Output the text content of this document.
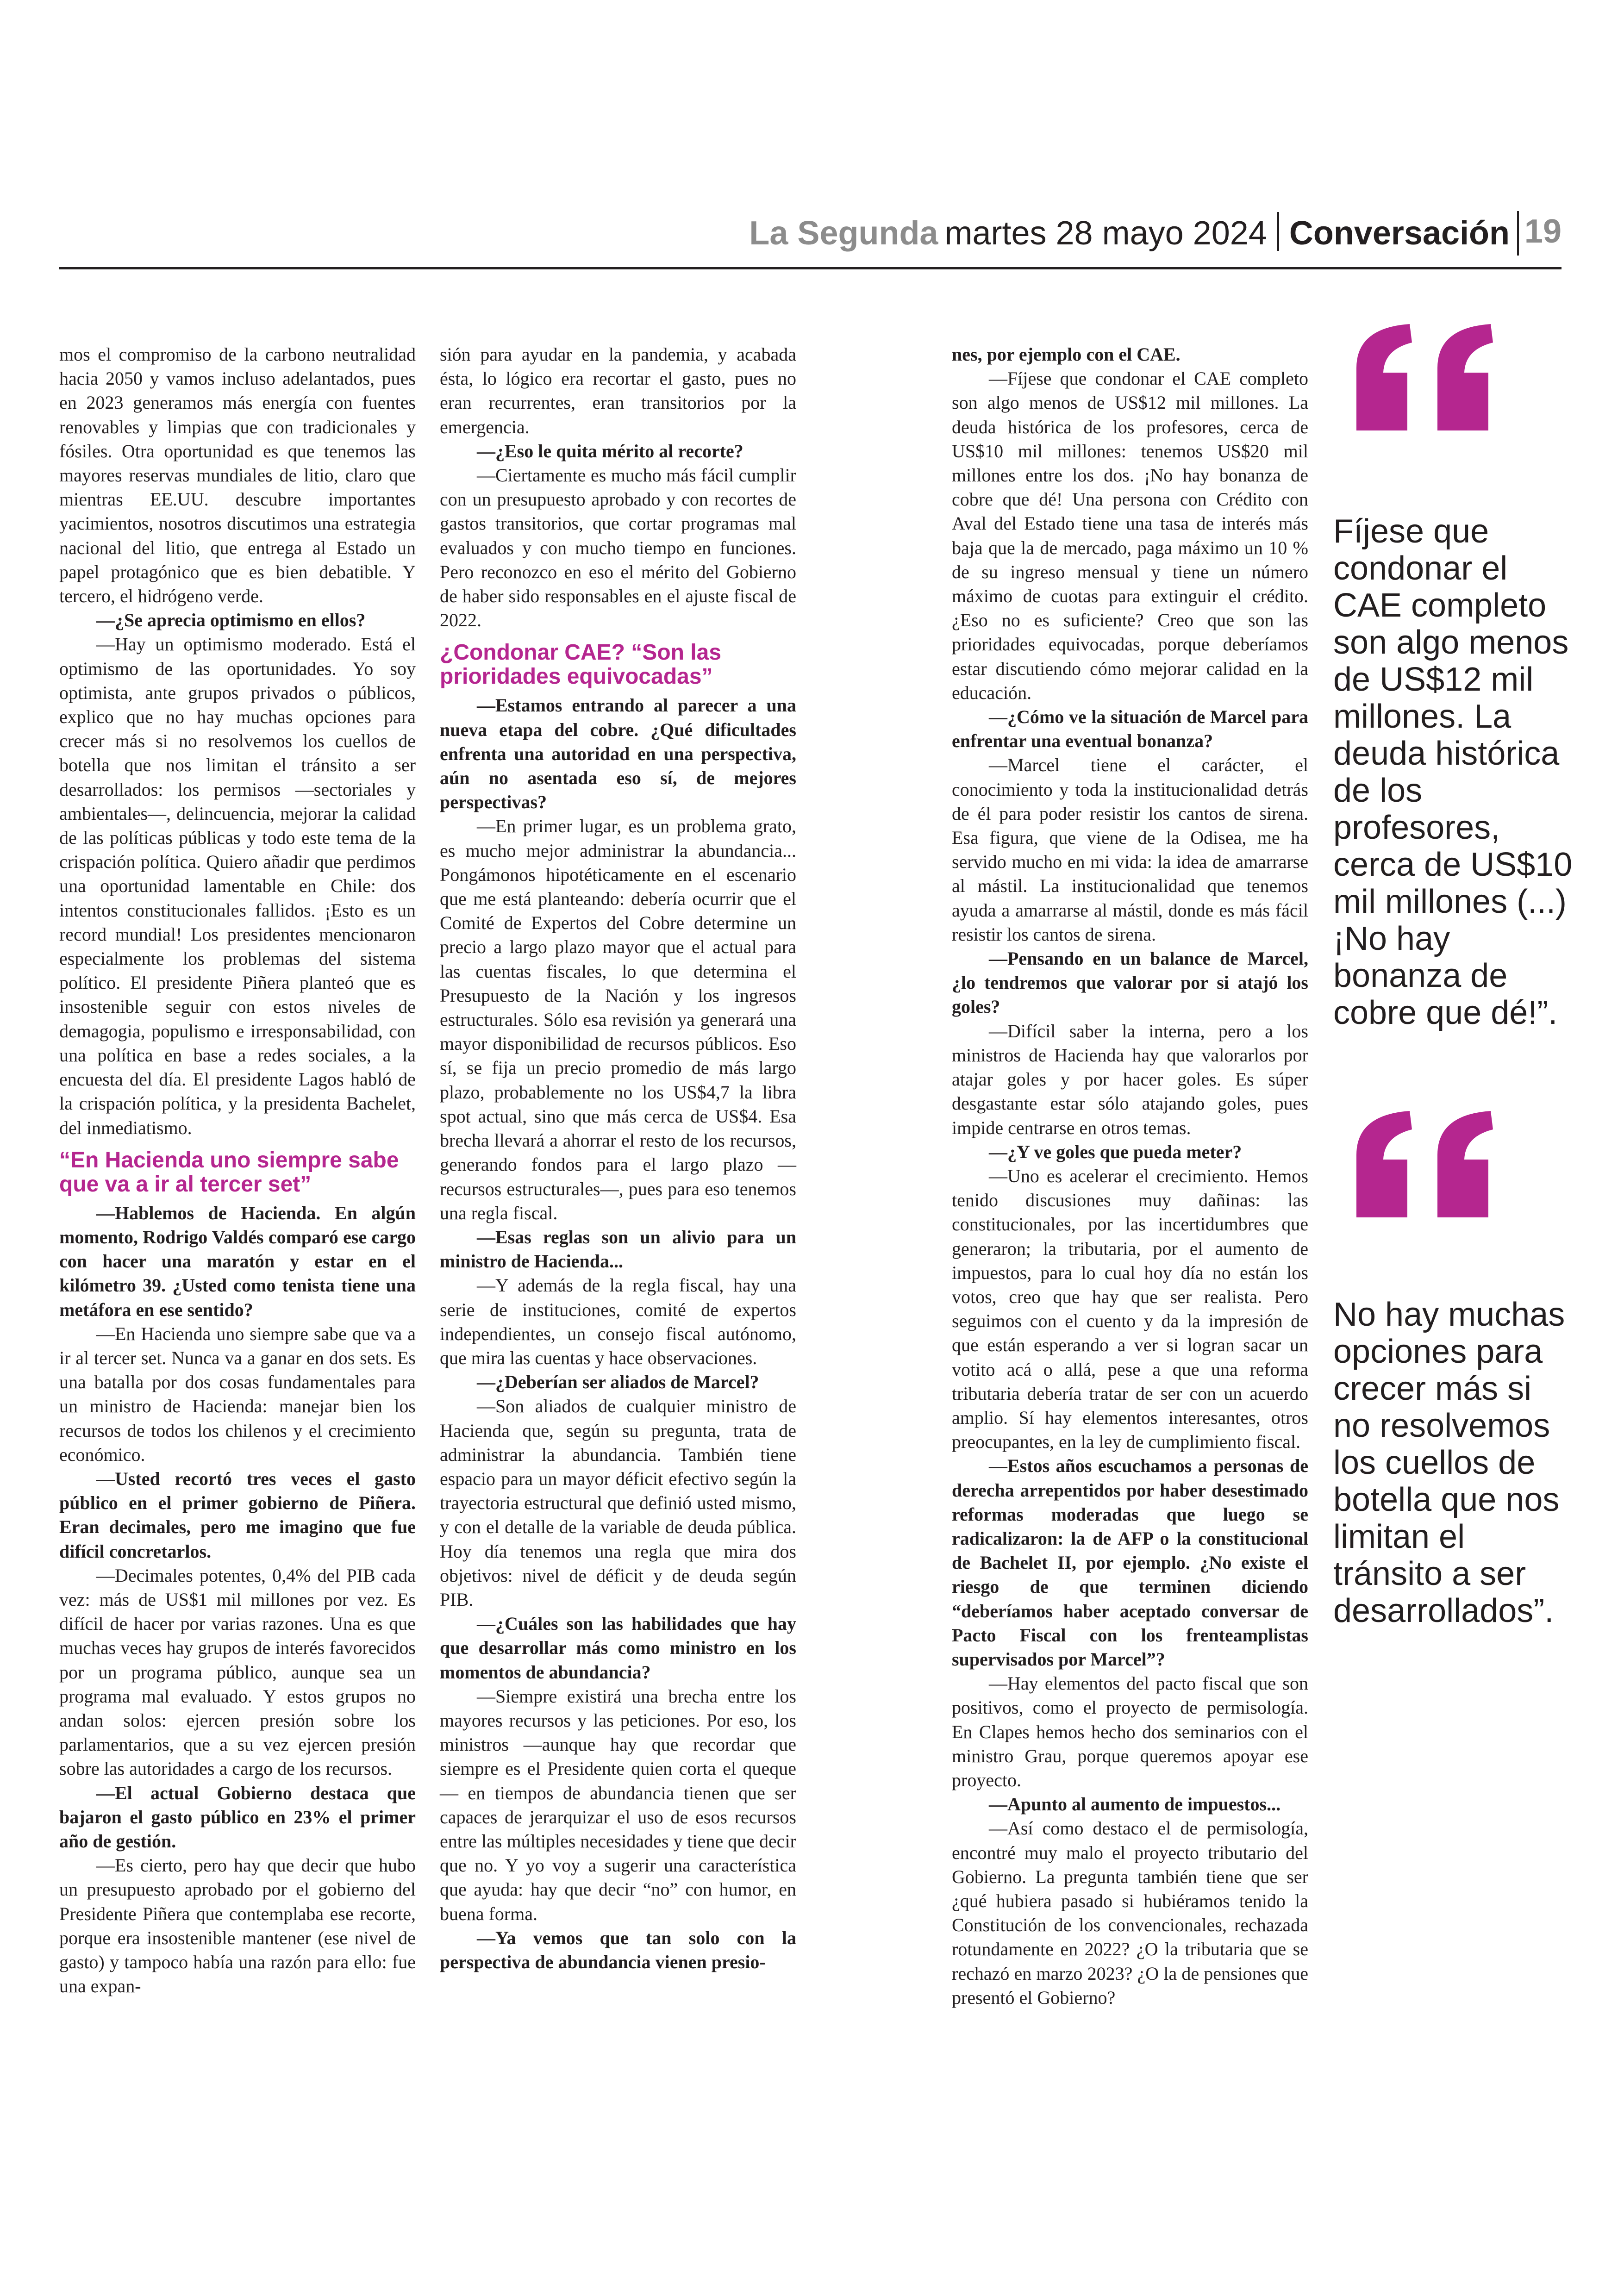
La Segunda martes 28 mayo 2024 Conversación 19

mos el compromiso de la carbono neutralidad hacia 2050 y vamos incluso adelantados, pues en 2023 generamos más energía con fuentes renovables y limpias que con tradicionales y fósiles. Otra oportunidad es que tenemos las mayores reservas mundiales de litio, claro que mientras EE.UU. descubre importantes yacimientos, nosotros discutimos una estrategia nacional del litio, que entrega al Estado un papel protagónico que es bien debatible. Y tercero, el hidrógeno verde.

—¿Se aprecia optimismo en ellos?

—Hay un optimismo moderado. Está el optimismo de las oportunidades. Yo soy optimista, ante grupos privados o públicos, explico que no hay muchas opciones para crecer más si no resolvemos los cuellos de botella que nos limitan el tránsito a ser desarrollados: los permisos —sectoriales y ambientales—, delincuencia, mejorar la calidad de las políticas públicas y todo este tema de la crispación política. Quiero añadir que perdimos una oportunidad lamentable en Chile: dos intentos constitucionales fallidos. ¡Esto es un record mundial! Los presidentes mencionaron especialmente los problemas del sistema político. El presidente Piñera planteó que es insostenible seguir con estos niveles de demagogia, populismo e irresponsabilidad, con una política en base a redes sociales, a la encuesta del día. El presidente Lagos habló de la crispación política, y la presidenta Bachelet, del inmediatismo.

“En Hacienda uno siempre sabe que va a ir al tercer set”

—Hablemos de Hacienda. En algún momento, Rodrigo Valdés comparó ese cargo con hacer una maratón y estar en el kilómetro 39. ¿Usted como tenista tiene una metáfora en ese sentido?

—En Hacienda uno siempre sabe que va a ir al tercer set. Nunca va a ganar en dos sets. Es una batalla por dos cosas fundamentales para un ministro de Hacienda: manejar bien los recursos de todos los chilenos y el crecimiento económico.

—Usted recortó tres veces el gasto público en el primer gobierno de Piñera. Eran decimales, pero me imagino que fue difícil concretarlos.

—Decimales potentes, 0,4% del PIB cada vez: más de US$1 mil millones por vez. Es difícil de hacer por varias razones. Una es que muchas veces hay grupos de interés favorecidos por un programa público, aunque sea un programa mal evaluado. Y estos grupos no andan solos: ejercen presión sobre los parlamentarios, que a su vez ejercen presión sobre las autoridades a cargo de los recursos.

—El actual Gobierno destaca que bajaron el gasto público en 23% el primer año de gestión.

—Es cierto, pero hay que decir que hubo un presupuesto aprobado por el gobierno del Presidente Piñera que contemplaba ese recorte, porque era insostenible mantener (ese nivel de gasto) y tampoco había una razón para ello: fue una expan-

sión para ayudar en la pandemia, y acabada ésta, lo lógico era recortar el gasto, pues no eran recurrentes, eran transitorios por la emergencia.

—¿Eso le quita mérito al recorte?

—Ciertamente es mucho más fácil cumplir con un presupuesto aprobado y con recortes de gastos transitorios, que cortar programas mal evaluados y con mucho tiempo en funciones. Pero reconozco en eso el mérito del Gobierno de haber sido responsables en el ajuste fiscal de 2022.

¿Condonar CAE? “Son las prioridades equivocadas”

—Estamos entrando al parecer a una nueva etapa del cobre. ¿Qué dificultades enfrenta una autoridad en una perspectiva, aún no asentada eso sí, de mejores perspectivas?

—En primer lugar, es un problema grato, es mucho mejor administrar la abundancia... Pongámonos hipotéticamente en el escenario que me está planteando: debería ocurrir que el Comité de Expertos del Cobre determine un precio a largo plazo mayor que el actual para las cuentas fiscales, lo que determina el Presupuesto de la Nación y los ingresos estructurales. Sólo esa revisión ya generará una mayor disponibilidad de recursos públicos. Eso sí, se fija un precio promedio de más largo plazo, probablemente no los US$4,7 la libra spot actual, sino que más cerca de US$4. Esa brecha llevará a ahorrar el resto de los recursos, generando fondos para el largo plazo —recursos estructurales—, pues para eso tenemos una regla fiscal.

—Esas reglas son un alivio para un ministro de Hacienda...

—Y además de la regla fiscal, hay una serie de instituciones, comité de expertos independientes, un consejo fiscal autónomo, que mira las cuentas y hace observaciones.

—¿Deberían ser aliados de Marcel?

—Son aliados de cualquier ministro de Hacienda que, según su pregunta, trata de administrar la abundancia. También tiene espacio para un mayor déficit efectivo según la trayectoria estructural que definió usted mismo, y con el detalle de la variable de deuda pública. Hoy día tenemos una regla que mira dos objetivos: nivel de déficit y de deuda según PIB.

—¿Cuáles son las habilidades que hay que desarrollar más como ministro en los momentos de abundancia?

—Siempre existirá una brecha entre los mayores recursos y las peticiones. Por eso, los ministros —aunque hay que recordar que siempre es el Presidente quien corta el queque— en tiempos de abundancia tienen que ser capaces de jerarquizar el uso de esos recursos entre las múltiples necesidades y tiene que decir que no. Y yo voy a sugerir una característica que ayuda: hay que decir “no” con humor, en buena forma.

—Ya vemos que tan solo con la perspectiva de abundancia vienen presio-

nes, por ejemplo con el CAE.

—Fíjese que condonar el CAE completo son algo menos de US$12 mil millones. La deuda histórica de los profesores, cerca de US$10 mil millones: tenemos US$20 mil millones entre los dos. ¡No hay bonanza de cobre que dé! Una persona con Crédito con Aval del Estado tiene una tasa de interés más baja que la de mercado, paga máximo un 10 % de su ingreso mensual y tiene un número máximo de cuotas para extinguir el crédito. ¿Eso no es suficiente? Creo que son las prioridades equivocadas, porque deberíamos estar discutiendo cómo mejorar calidad en la educación.

—¿Cómo ve la situación de Marcel para enfrentar una eventual bonanza?

—Marcel tiene el carácter, el conocimiento y toda la institucionalidad detrás de él para poder resistir los cantos de sirena. Esa figura, que viene de la Odisea, me ha servido mucho en mi vida: la idea de amarrarse al mástil. La institucionalidad que tenemos ayuda a amarrarse al mástil, donde es más fácil resistir los cantos de sirena.

—Pensando en un balance de Marcel, ¿lo tendremos que valorar por si atajó los goles?

—Difícil saber la interna, pero a los ministros de Hacienda hay que valorarlos por atajar goles y por hacer goles. Es súper desgastante estar sólo atajando goles, pues impide centrarse en otros temas.

—¿Y ve goles que pueda meter?

—Uno es acelerar el crecimiento. Hemos tenido discusiones muy dañinas: las constitucionales, por las incertidumbres que generaron; la tributaria, por el aumento de impuestos, para lo cual hoy día no están los votos, creo que hay que ser realista. Pero seguimos con el cuento y da la impresión de que están esperando a ver si logran sacar un votito acá o allá, pese a que una reforma tributaria debería tratar de ser con un acuerdo amplio. Sí hay elementos interesantes, otros preocupantes, en la ley de cumplimiento fiscal.

—Estos años escuchamos a personas de derecha arrepentidos por haber desestimado reformas moderadas que luego se radicalizaron: la de AFP o la constitucional de Bachelet II, por ejemplo. ¿No existe el riesgo de que terminen diciendo “deberíamos haber aceptado conversar de Pacto Fiscal con los frenteamplistas supervisados por Marcel”?

—Hay elementos del pacto fiscal que son positivos, como el proyecto de permisología. En Clapes hemos hecho dos seminarios con el ministro Grau, porque queremos apoyar ese proyecto.

—Apunto al aumento de impuestos...

—Así como destaco el de permisología, encontré muy malo el proyecto tributario del Gobierno. La pregunta también tiene que ser ¿qué hubiera pasado si hubiéramos tenido la Constitución de los convencionales, rechazada rotundamente en 2022? ¿O la tributaria que se rechazó en marzo 2023? ¿O la de pensiones que presentó el Gobierno?

Fíjese que condonar el CAE completo son algo menos de US$12 mil millones. La deuda histórica de los profesores, cerca de US$10 mil millones (...) ¡No hay bonanza de cobre que dé!”.
No hay muchas opciones para crecer más si no resolvemos los cuellos de botella que nos limitan el tránsito a ser desarrollados”.
